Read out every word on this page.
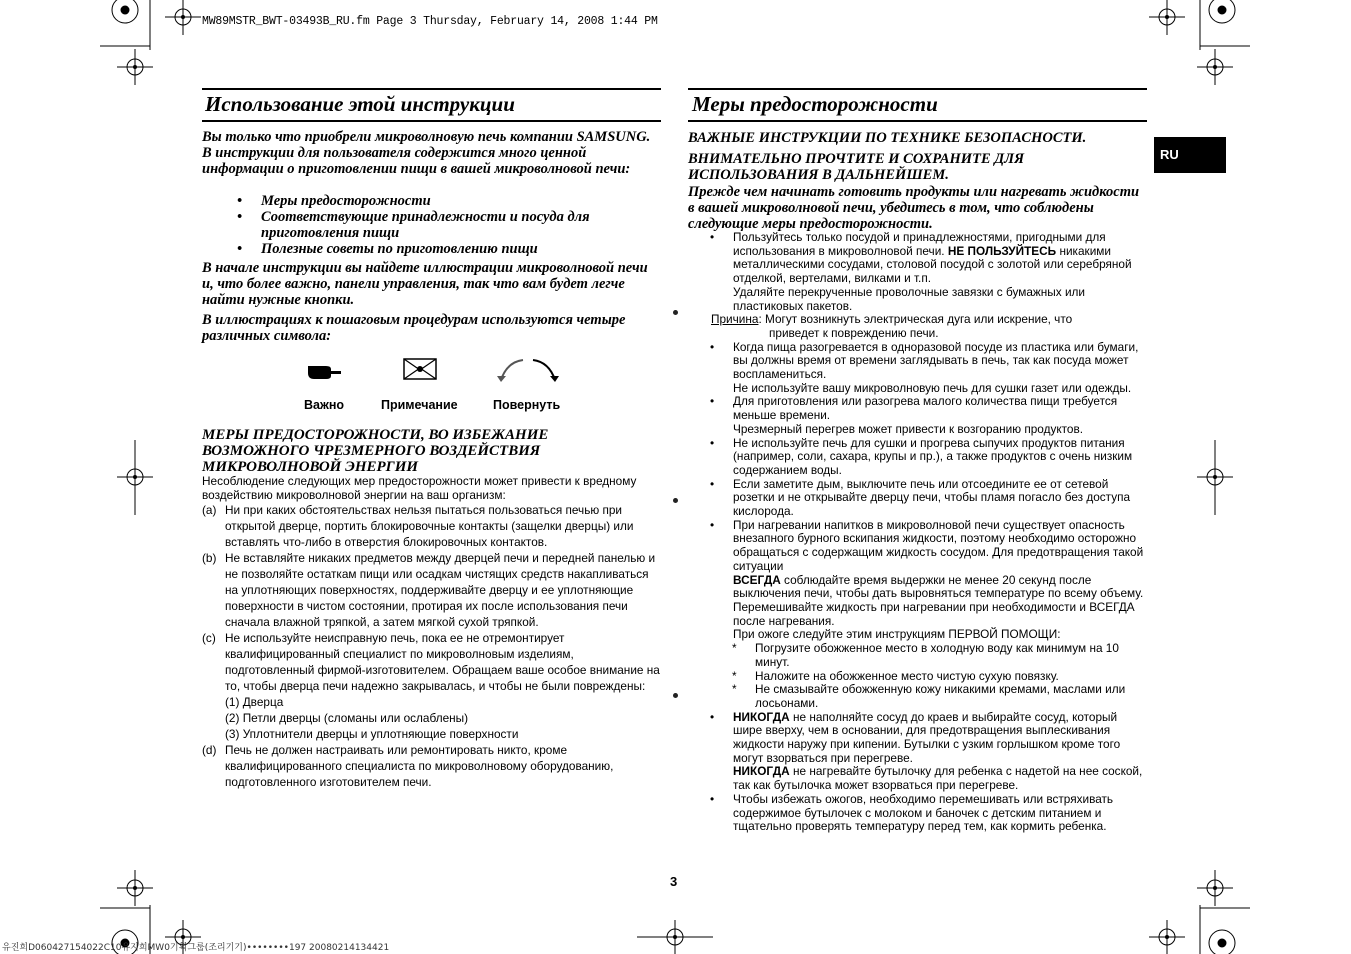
MW89MSTR_BWT-03493B_RU.fm Page 3 Thursday, February 14, 2008 1:44 PM
유진희D060427154022C10유지희MW0기획그룹(조리기기)••••••••197 20080214134421
RU
Использование этой инструкции
Вы только что приобрели микроволновую печь компании SAMSUNG. В инструкции для пользователя содержится много ценной информации о приготовлении пищи в вашей микроволновой печи:
•	Меры предосторожности
•	Соответствующие принадлежности и посуда для приготовления пищи
•	Полезные советы по приготовлению пищи
В начале инструкции вы найдете иллюстрации микроволновой печи и, что более важно, панели управления, так что вам будет легче найти нужные кнопки.
В иллюстрациях к пошаговым процедурам используются четыре различных символа:
Важно	Примечание	Повернуть
МЕРЫ ПРЕДОСТОРОЖНОСТИ, ВО ИЗБЕЖАНИЕ ВОЗМОЖНОГО ЧРЕЗМЕРНОГО ВОЗДЕЙСТВИЯ МИКРОВОЛНОВОЙ ЭНЕРГИИ
Несоблюдение следующих мер предосторожности может привести к вредному воздействию микроволновой энергии на ваш организм:
(a) Ни при каких обстоятельствах нельзя пытаться пользоваться печью при открытой дверце, портить блокировочные контакты (защелки дверцы) или вставлять что-либо в отверстия блокировочных контактов.
(b) Не вставляйте никаких предметов между дверцей печи и передней панелью и не позволяйте остаткам пищи или осадкам чистящих средств накапливаться на уплотняющих поверхностях, поддерживайте дверцу и ее уплотняющие поверхности в чистом состоянии, протирая их после использования печи сначала влажной тряпкой, а затем мягкой сухой тряпкой.
(c) Не используйте неисправную печь, пока ее не отремонтирует квалифицированный специалист по микроволновым изделиям, подготовленный фирмой-изготовителем. Обращаем ваше особое внимание на то, чтобы дверца печи надежно закрывалась, и чтобы не были повреждены:
(1) Дверца
(2) Петли дверцы (сломаны или ослаблены)
(3) Уплотнители дверцы и уплотняющие поверхности
(d) Печь не должен настраивать или ремонтировать никто, кроме квалифицированного специалиста по микроволновому оборудованию, подготовленного изготовителем печи.
3
Меры предосторожности
ВАЖНЫЕ ИНСТРУКЦИИ ПО ТЕХНИКЕ БЕЗОПАСНОСТИ.
ВНИМАТЕЛЬНО ПРОЧТИТЕ И СОХРАНИТЕ ДЛЯ ИСПОЛЬЗОВАНИЯ В ДАЛЬНЕЙШЕМ.
Прежде чем начинать готовить продукты или нагревать жидкости в вашей микроволновой печи, убедитесь в том, что соблюдены следующие меры предосторожности.
•	Пользуйтесь только посудой и принадлежностями, пригодными для использования в микроволновой печи. НЕ ПОЛЬЗУЙТЕСЬ никакими металлическими сосудами, столовой посудой с золотой или серебряной отделкой, вертелами, вилками и т.п.
Удаляйте перекрученные проволочные завязки с бумажных или пластиковых пакетов.
Причина: Могут возникнуть электрическая дуга или искрение, что
приведет к повреждению печи.
•	Когда пища разогревается в одноразовой посуде из пластика или бумаги, вы должны время от времени заглядывать в печь, так как посуда может воспламениться.
Не используйте вашу микроволновую печь для сушки газет или одежды.
•	Для приготовления или разогрева малого количества пищи требуется меньше времени.
Чрезмерный перегрев может привести к возгоранию продуктов.
•	Не используйте печь для сушки и прогрева сыпучих продуктов питания (например, соли, сахара, крупы и пр.), а также продуктов с очень низким содержанием воды.
•	Если заметите дым, выключите печь или отсоедините ее от сетевой розетки и не открывайте дверцу печи, чтобы пламя погасло без доступа кислорода.
•	При нагревании напитков в микроволновой печи существует опасность внезапного бурного вскипания жидкости, поэтому необходимо осторожно обращаться с содержащим жидкость сосудом. Для предотвращения такой ситуации
ВСЕГДА соблюдайте время выдержки не менее 20 секунд после выключения печи, чтобы дать выровняться температуре по всему объему.
Перемешивайте жидкость при нагревании при необходимости и ВСЕГДА после нагревания.
При ожоге следуйте этим инструкциям ПЕРВОЙ ПОМОЩИ:
*	Погрузите обожженное место в холодную воду как минимум на 10 минут.
*	Наложите на обожженное место чистую сухую повязку.
*	Не смазывайте обожженную кожу никакими кремами, маслами или лосьонами.
•	НИКОГДА не наполняйте сосуд до краев и выбирайте сосуд, который шире вверху, чем в основании, для предотвращения выплескивания жидкости наружу при кипении. Бутылки с узким горлышком кроме того могут взорваться при перегреве.
НИКОГДА не нагревайте бутылочку для ребенка с надетой на нее соской, так как бутылочка может взорваться при перегреве.
•	Чтобы избежать ожогов, необходимо перемешивать или встряхивать содержимое бутылочек с молоком и баночек с детским питанием и тщательно проверять температуру перед тем, как кормить ребенка.
